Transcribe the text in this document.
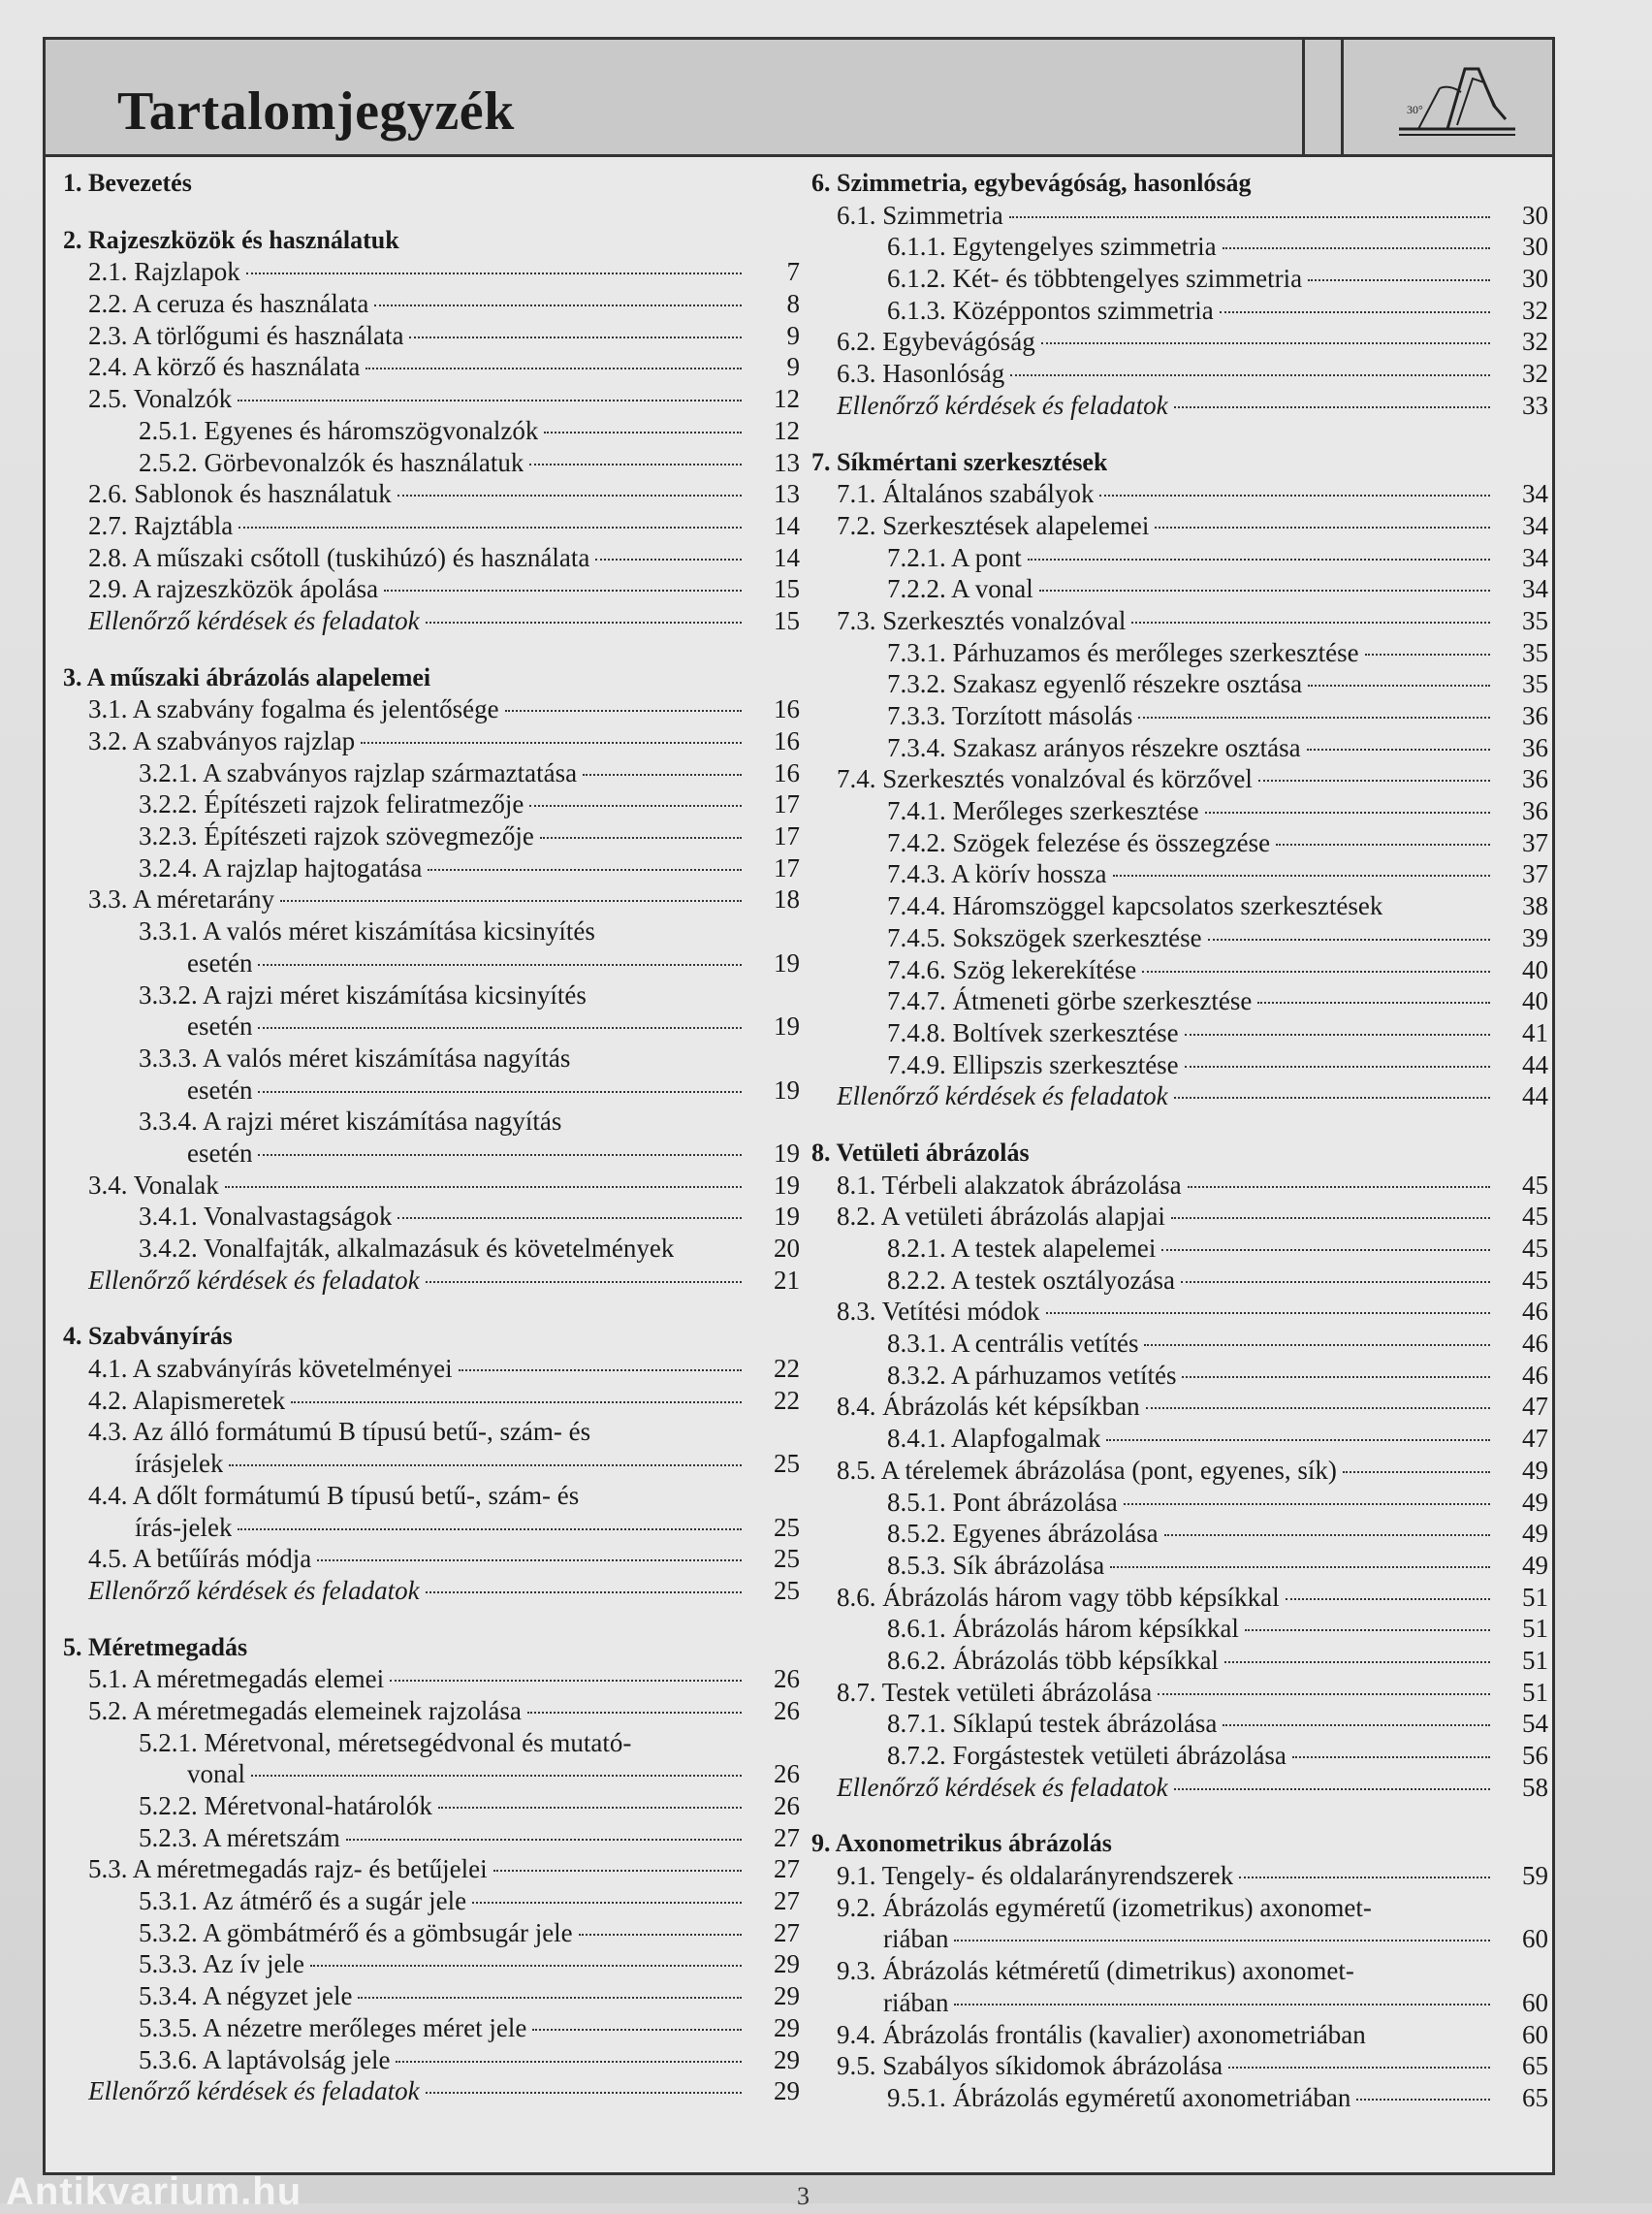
Tartalomjegyzék	30°
1. Bevezetés
2. Rajzeszközök és használatuk
2.1. Rajzlapok	7
2.2. A ceruza és használata	8
2.3. A törlőgumi és használata	9
2.4. A körző és használata	9
2.5. Vonalzók	12
2.5.1. Egyenes és háromszögvonalzók	12
2.5.2. Görbevonalzók és használatuk	13
2.6. Sablonok és használatuk	13
2.7. Rajztábla	14
2.8. A műszaki csőtoll (tuskihúzó) és használata	14
2.9. A rajzeszközök ápolása	15
Ellenőrző kérdések és feladatok	15
3. A műszaki ábrázolás alapelemei
3.1. A szabvány fogalma és jelentősége	16
3.2. A szabványos rajzlap	16
3.2.1. A szabványos rajzlap származtatása	16
3.2.2. Építészeti rajzok feliratmezője	17
3.2.3. Építészeti rajzok szövegmezője	17
3.2.4. A rajzlap hajtogatása	17
3.3. A méretarány	18
3.3.1. A valós méret kiszámítása kicsinyítés
esetén	19
3.3.2. A rajzi méret kiszámítása kicsinyítés
esetén	19
3.3.3. A valós méret kiszámítása nagyítás
esetén	19
3.3.4. A rajzi méret kiszámítása nagyítás
esetén	19
3.4. Vonalak	19
3.4.1. Vonalvastagságok	19
3.4.2. Vonalfajták, alkalmazásuk és követelmények	20
Ellenőrző kérdések és feladatok	21
4. Szabványírás
4.1. A szabványírás követelményei	22
4.2. Alapismeretek	22
4.3. Az álló formátumú B típusú betű-, szám- és
írásjelek	25
4.4. A dőlt formátumú B típusú betű-, szám- és
írás-jelek	25
4.5. A betűírás módja	25
Ellenőrző kérdések és feladatok	25
5. Méretmegadás
5.1. A méretmegadás elemei	26
5.2. A méretmegadás elemeinek rajzolása	26
5.2.1. Méretvonal, méretsegédvonal és mutató-
vonal	26
5.2.2. Méretvonal-határolók	26
5.2.3. A méretszám	27
5.3. A méretmegadás rajz- és betűjelei	27
5.3.1. Az átmérő és a sugár jele	27
5.3.2. A gömbátmérő és a gömbsugár jele	27
5.3.3. Az ív jele	29
5.3.4. A négyzet jele	29
5.3.5. A nézetre merőleges méret jele	29
5.3.6. A laptávolság jele	29
Ellenőrző kérdések és feladatok	29
6. Szimmetria, egybevágóság, hasonlóság
6.1. Szimmetria	30
6.1.1. Egytengelyes szimmetria	30
6.1.2. Két- és többtengelyes szimmetria	30
6.1.3. Középpontos szimmetria	32
6.2. Egybevágóság	32
6.3. Hasonlóság	32
Ellenőrző kérdések és feladatok	33
7. Síkmértani szerkesztések
7.1. Általános szabályok	34
7.2. Szerkesztések alapelemei	34
7.2.1. A pont	34
7.2.2. A vonal	34
7.3. Szerkesztés vonalzóval	35
7.3.1. Párhuzamos és merőleges szerkesztése	35
7.3.2. Szakasz egyenlő részekre osztása	35
7.3.3. Torzított másolás	36
7.3.4. Szakasz arányos részekre osztása	36
7.4. Szerkesztés vonalzóval és körzővel	36
7.4.1. Merőleges szerkesztése	36
7.4.2. Szögek felezése és összegzése	37
7.4.3. A körív hossza	37
7.4.4. Háromszöggel kapcsolatos szerkesztések	38
7.4.5. Sokszögek szerkesztése	39
7.4.6. Szög lekerekítése	40
7.4.7. Átmeneti görbe szerkesztése	40
7.4.8. Boltívek szerkesztése	41
7.4.9. Ellipszis szerkesztése	44
Ellenőrző kérdések és feladatok	44
8. Vetületi ábrázolás
8.1. Térbeli alakzatok ábrázolása	45
8.2. A vetületi ábrázolás alapjai	45
8.2.1. A testek alapelemei	45
8.2.2. A testek osztályozása	45
8.3. Vetítési módok	46
8.3.1. A centrális vetítés	46
8.3.2. A párhuzamos vetítés	46
8.4. Ábrázolás két képsíkban	47
8.4.1. Alapfogalmak	47
8.5. A térelemek ábrázolása (pont, egyenes, sík)	49
8.5.1. Pont ábrázolása	49
8.5.2. Egyenes ábrázolása	49
8.5.3. Sík ábrázolása	49
8.6. Ábrázolás három vagy több képsíkkal	51
8.6.1. Ábrázolás három képsíkkal	51
8.6.2. Ábrázolás több képsíkkal	51
8.7. Testek vetületi ábrázolása	51
8.7.1. Síklapú testek ábrázolása	54
8.7.2. Forgástestek vetületi ábrázolása	56
Ellenőrző kérdések és feladatok	58
9. Axonometrikus ábrázolás
9.1. Tengely- és oldalarányrendszerek	59
9.2. Ábrázolás egyméretű (izometrikus) axonomet-
riában	60
9.3. Ábrázolás kétméretű (dimetrikus) axonomet-
riában	60
9.4. Ábrázolás frontális (kavalier) axonometriában	60
9.5. Szabályos síkidomok ábrázolása	65
9.5.1. Ábrázolás egyméretű axonometriában	65
Antikvarium.hu	3
